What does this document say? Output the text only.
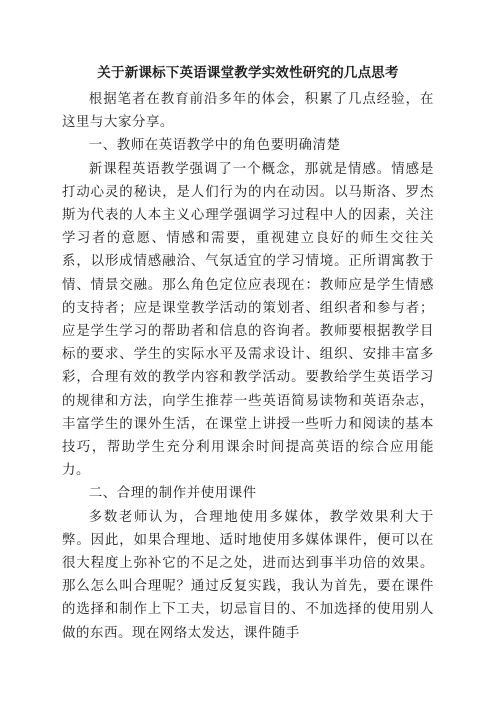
关于新课标下英语课堂教学实效性研究的几点思考

根据笔者在教育前沿多年的体会，积累了几点经验，在这里与大家分享。

一、教师在英语教学中的角色要明确清楚

新课程英语教学强调了一个概念，那就是情感。情感是打动心灵的秘诀，是人们行为的内在动因。以马斯洛、罗杰斯为代表的人本主义心理学强调学习过程中人的因素，关注学习者的意愿、情感和需要，重视建立良好的师生交往关系，以形成情感融洽、气氛适宜的学习情境。正所谓寓教于情、情景交融。那么角色定位应表现在：教师应是学生情感的支持者；应是课堂教学活动的策划者、组织者和参与者；应是学生学习的帮助者和信息的咨询者。教师要根据教学目标的要求、学生的实际水平及需求设计、组织、安排丰富多彩，合理有效的教学内容和教学活动。要教给学生英语学习的规律和方法，向学生推荐一些英语简易读物和英语杂志，丰富学生的课外生活，在课堂上讲授一些听力和阅读的基本技巧，帮助学生充分利用课余时间提高英语的综合应用能力。

二、合理的制作并使用课件

多数老师认为，合理地使用多媒体，教学效果利大于弊。因此，如果合理地、适时地使用多媒体课件，便可以在很大程度上弥补它的不足之处，进而达到事半功倍的效果。那么怎么叫合理呢？通过反复实践，我认为首先，要在课件的选择和制作上下工夫，切忌盲目的、不加选择的使用别人做的东西。现在网络太发达，课件随手
